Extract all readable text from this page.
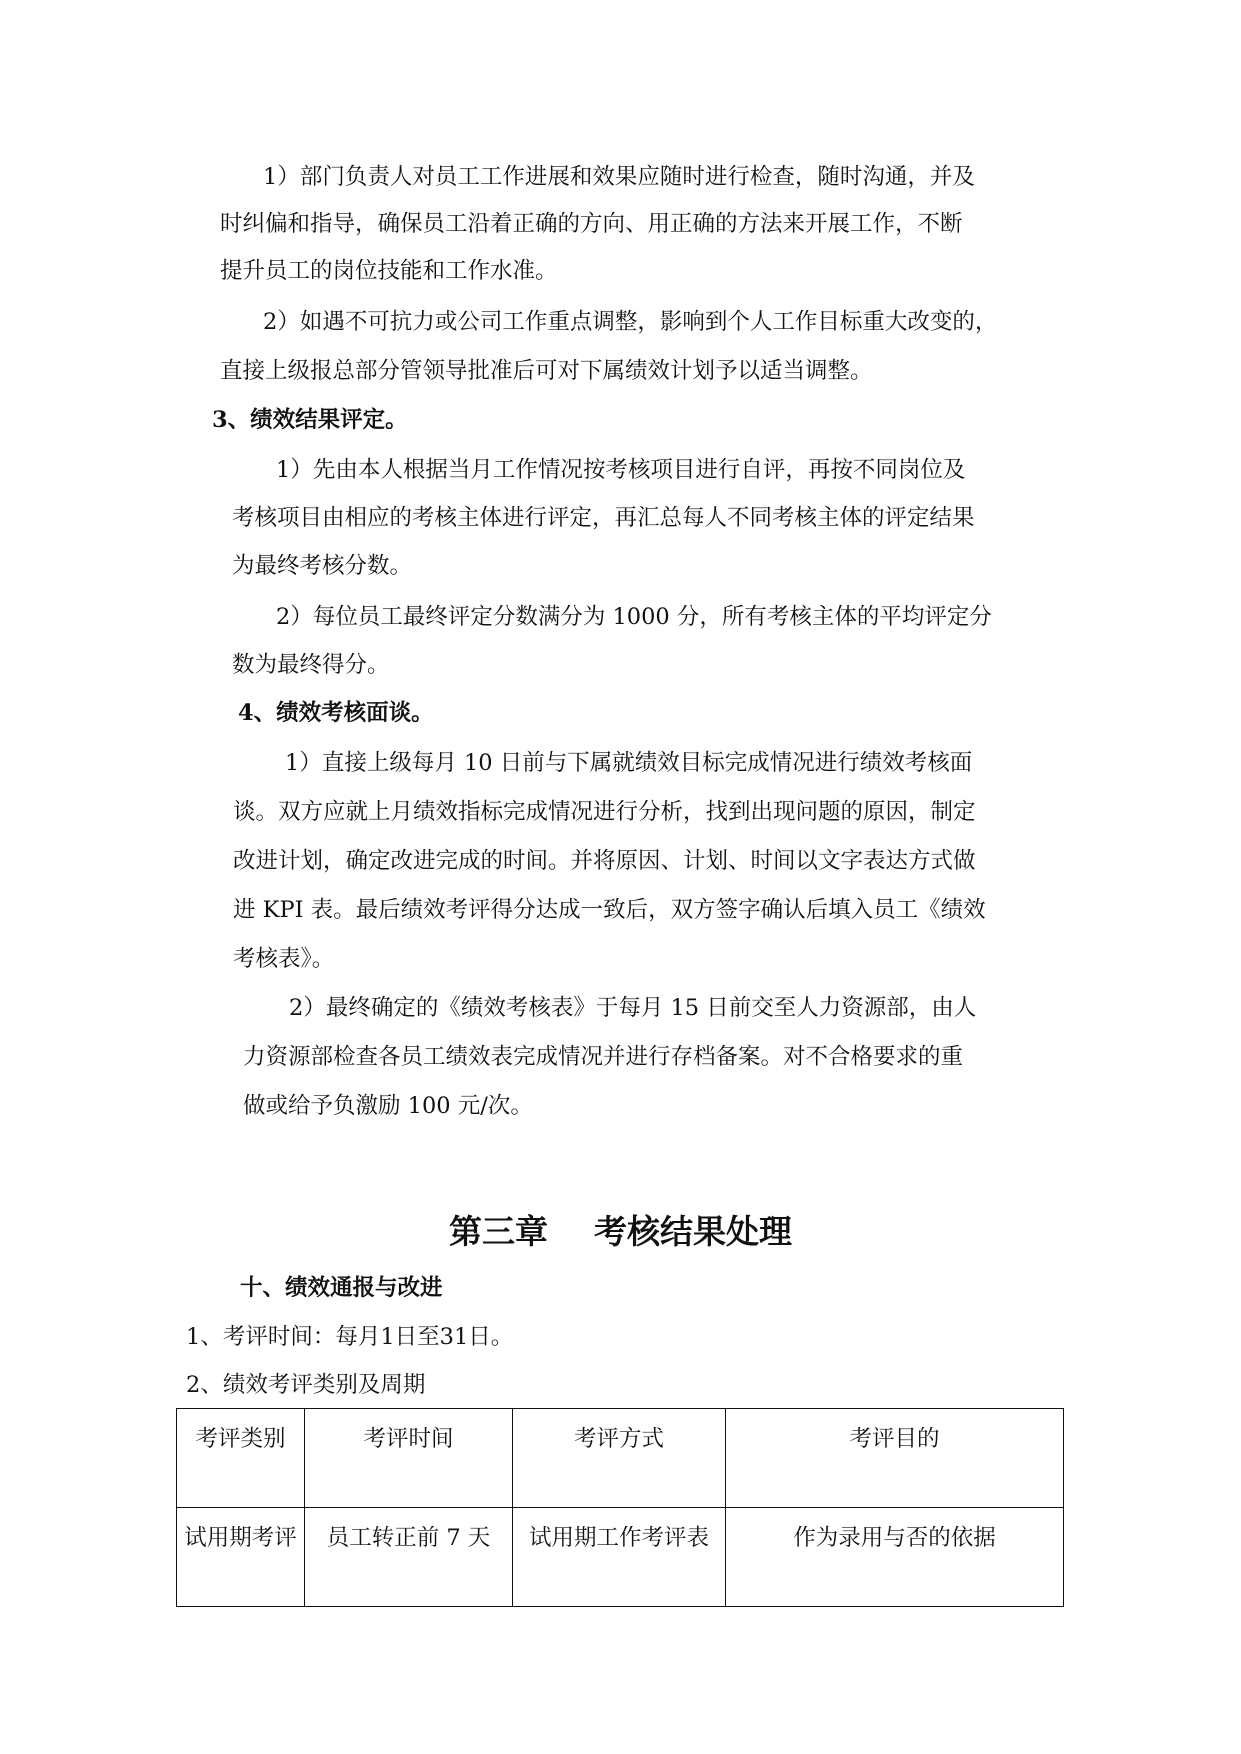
1）部门负责人对员工工作进展和效果应随时进行检查，随时沟通，并及
时纠偏和指导，确保员工沿着正确的方向、用正确的方法来开展工作，不断
提升员工的岗位技能和工作水准。
2）如遇不可抗力或公司工作重点调整，影响到个人工作目标重大改变的，
直接上级报总部分管领导批准后可对下属绩效计划予以适当调整。
3、绩效结果评定。
1）先由本人根据当月工作情况按考核项目进行自评，再按不同岗位及
考核项目由相应的考核主体进行评定，再汇总每人不同考核主体的评定结果
为最终考核分数。
2）每位员工最终评定分数满分为 1000 分，所有考核主体的平均评定分
数为最终得分。
4、绩效考核面谈。
1）直接上级每月 10 日前与下属就绩效目标完成情况进行绩效考核面
谈。双方应就上月绩效指标完成情况进行分析，找到出现问题的原因，制定
改进计划，确定改进完成的时间。并将原因、计划、时间以文字表达方式做
进 KPI 表。最后绩效考评得分达成一致后，双方签字确认后填入员工《绩效
考核表》。
2）最终确定的《绩效考核表》于每月 15 日前交至人力资源部，由人
力资源部检查各员工绩效表完成情况并进行存档备案。对不合格要求的重
做或给予负激励 100 元/次。
第三章    考核结果处理
十、绩效通报与改进
1、考评时间：每月1日至31日。
2、绩效考评类别及周期
考评类别	考评时间	考评方式	考评目的
试用期考评	员工转正前 7 天	试用期工作考评表	作为录用与否的依据
